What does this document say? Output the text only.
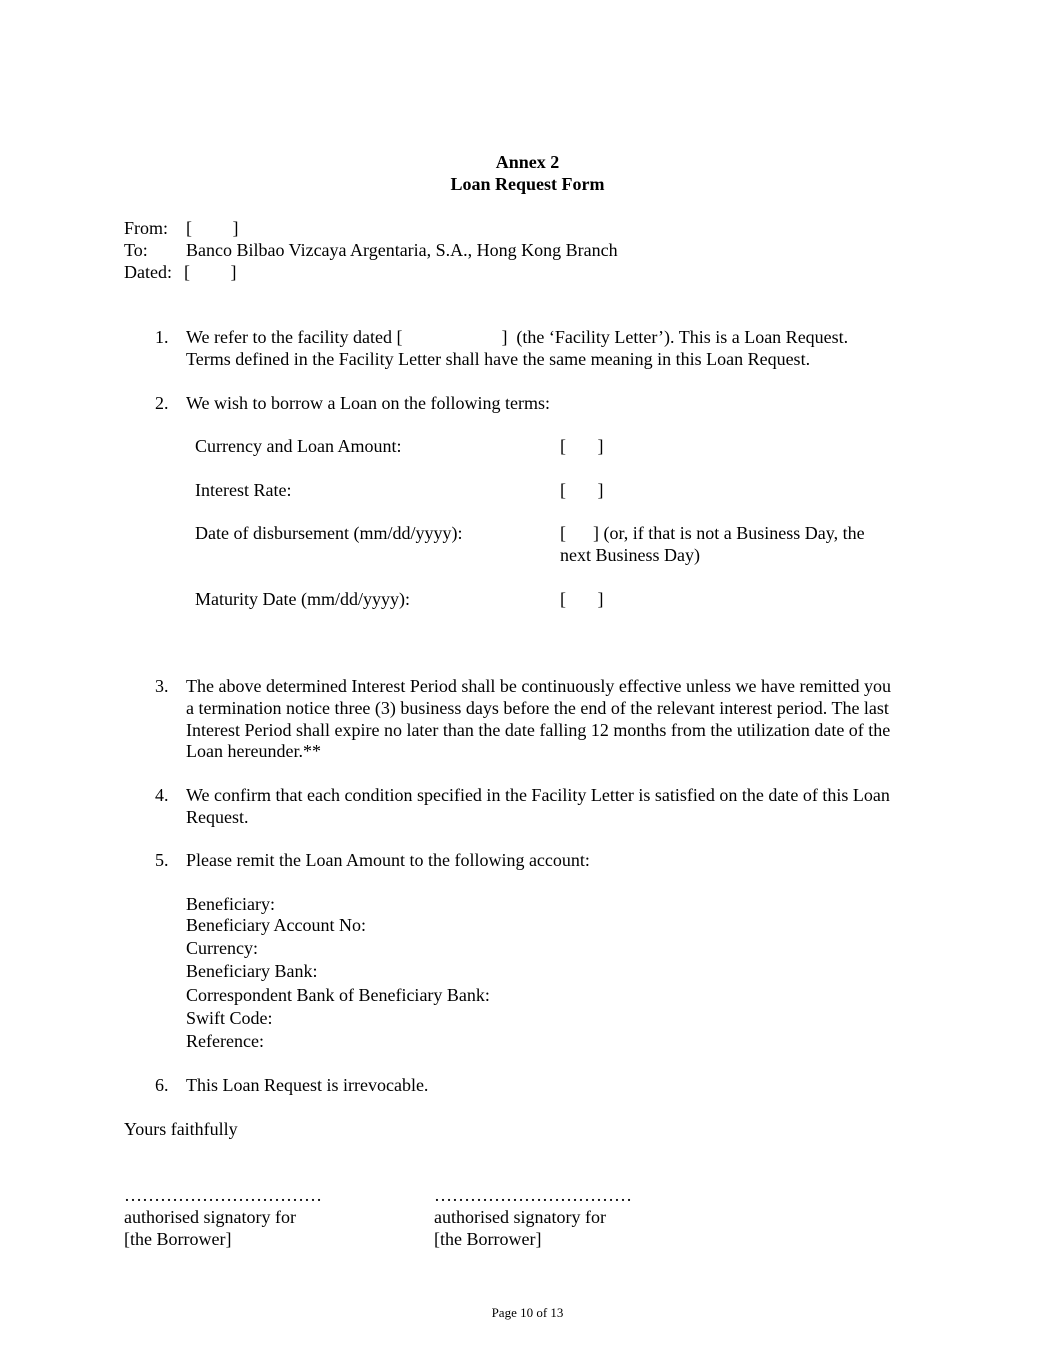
Annex 2
Loan Request Form
From: [         ]
To: Banco Bilbao Vizcaya Argentaria, S.A., Hong Kong Branch
Dated: [         ]
1. We refer to the facility dated [                      ]  (the ‘Facility Letter’). This is a Loan Request.
Terms defined in the Facility Letter shall have the same meaning in this Loan Request.
2. We wish to borrow a Loan on the following terms:
Currency and Loan Amount:	[       ]
Interest Rate:	[       ]
Date of disbursement (mm/dd/yyyy):	[      ] (or, if that is not a Business Day, the
next Business Day)
Maturity Date (mm/dd/yyyy):	[       ]
3. The above determined Interest Period shall be continuously effective unless we have remitted you
a termination notice three (3) business days before the end of the relevant interest period. The last
Interest Period shall expire no later than the date falling 12 months from the utilization date of the
Loan hereunder.**
4. We confirm that each condition specified in the Facility Letter is satisfied on the date of this Loan
Request.
5. Please remit the Loan Amount to the following account:
Beneficiary:
Beneficiary Account No:
Currency:
Beneficiary Bank:
Correspondent Bank of Beneficiary Bank:
Swift Code:
Reference:
6. This Loan Request is irrevocable.
Yours faithfully
……………………………
authorised signatory for
[the Borrower]
……………………………
authorised signatory for
[the Borrower]
Page 10 of 13
